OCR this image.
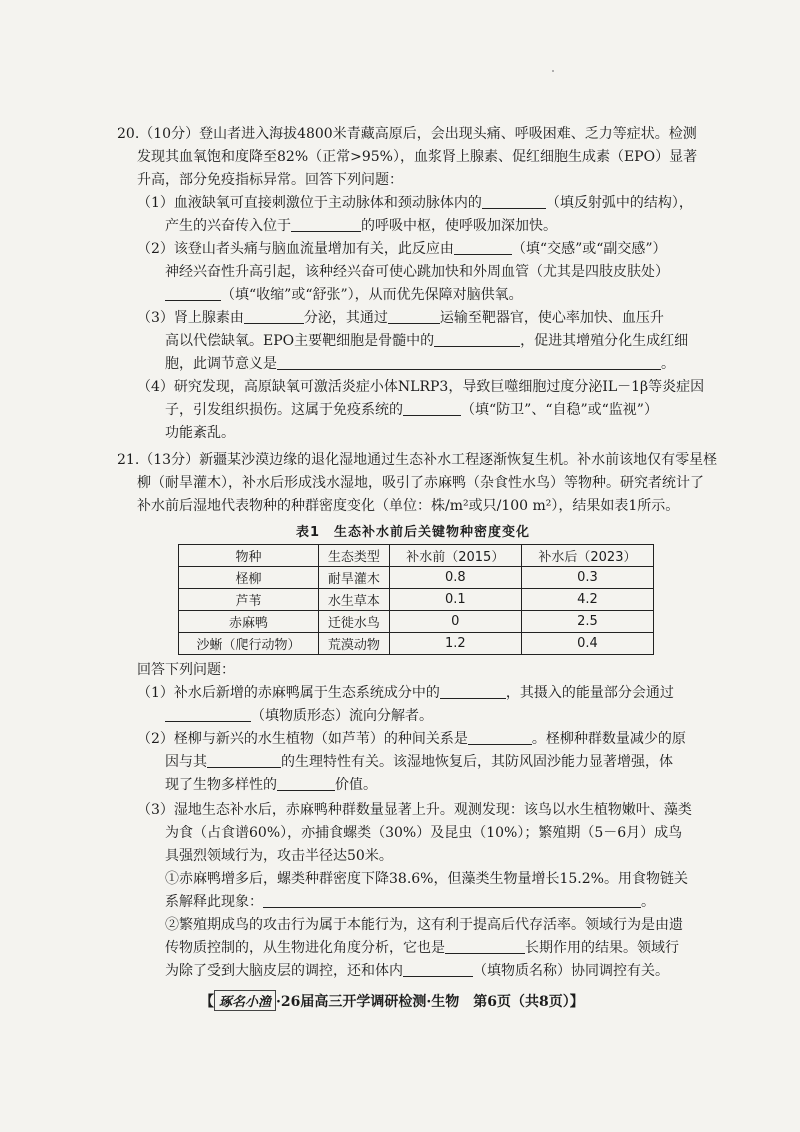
20.（10分）登山者进入海拔4800米青藏高原后，会出现头痛、呼吸困难、乏力等症状。检测
发现其血氧饱和度降至82%（正常>95%），血浆肾上腺素、促红细胞生成素（EPO）显著
升高，部分免疫指标异常。回答下列问题：
（1）血液缺氧可直接刺激位于主动脉体和颈动脉体内的	（填反射弧中的结构），
产生的兴奋传入位于	的呼吸中枢，使呼吸加深加快。
（2）该登山者头痛与脑血流量增加有关，此反应由	（填“交感”或“副交感”）
神经兴奋性升高引起，该种经兴奋可使心跳加快和外周血管（尤其是四肢皮肤处）
（填“收缩”或“舒张”），从而优先保障对脑供氧。
（3）肾上腺素由	分泌，其通过	运输至靶器官，使心率加快、血压升
高以代偿缺氧。EPO主要靶细胞是骨髓中的	，促进其增殖分化生成红细
胞，此调节意义是	。
（4）研究发现，高原缺氧可激活炎症小体NLRP3，导致巨噬细胞过度分泌IL－1β等炎症因
子，引发组织损伤。这属于免疫系统的	（填“防卫”、“自稳”或“监视”）
功能紊乱。
21.（13分）新疆某沙漠边缘的退化湿地通过生态补水工程逐渐恢复生机。补水前该地仅有零星柽
柳（耐旱灌木），补水后形成浅水湿地，吸引了赤麻鸭（杂食性水鸟）等物种。研究者统计了
补水前后湿地代表物种的种群密度变化（单位：株/m²或只/100 m²），结果如表1所示。
表1　生态补水前后关键物种密度变化
物种	生态类型	补水前（2015）	补水后（2023）
柽柳	耐旱灌木	0.8	0.3
芦苇	水生草本	0.1	4.2
赤麻鸭	迁徙水鸟	0	2.5
沙蜥（爬行动物）	荒漠动物	1.2	0.4
回答下列问题：
（1）补水后新增的赤麻鸭属于生态系统成分中的	，其摄入的能量部分会通过
（填物质形态）流向分解者。
（2）柽柳与新兴的水生植物（如芦苇）的种间关系是	。柽柳种群数量减少的原
因与其	的生理特性有关。该湿地恢复后，其防风固沙能力显著增强，体
现了生物多样性的	价值。
（3）湿地生态补水后，赤麻鸭种群数量显著上升。观测发现：该鸟以水生植物嫩叶、藻类
为食（占食谱60%），亦捕食螺类（30%）及昆虫（10%）；繁殖期（5－6月）成鸟
具强烈领域行为，攻击半径达50米。
①赤麻鸭增多后，螺类种群密度下降38.6%，但藻类生物量增长15.2%。用食物链关
系解释此现象：	。
②繁殖期成鸟的攻击行为属于本能行为，这有利于提高后代存活率。领域行为是由遗
传物质控制的，从生物进化角度分析，它也是	长期作用的结果。领域行
为除了受到大脑皮层的调控，还和体内	（填物质名称）协同调控有关。
【 琢名小渔 ·26届高三开学调研检测·生物　第6页（共8页）】
